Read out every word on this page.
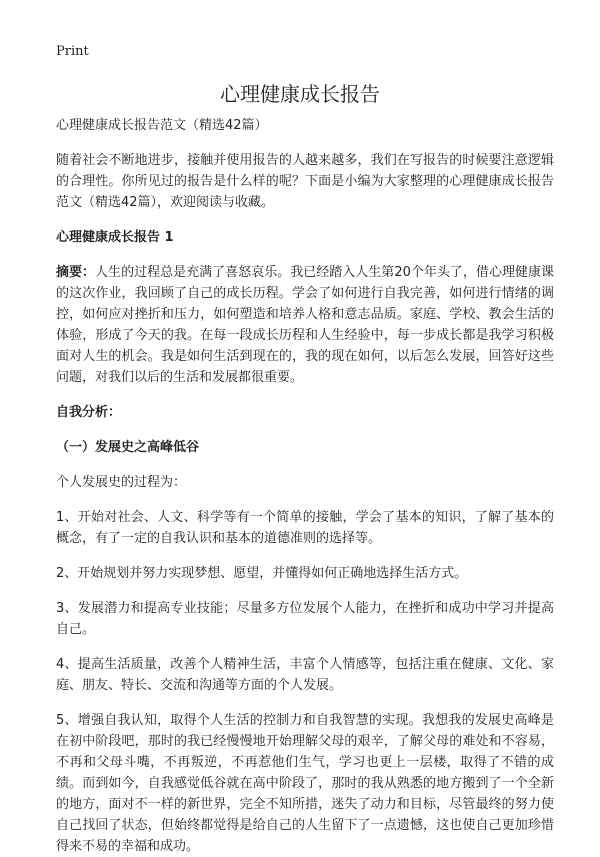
Print
心理健康成长报告

心理健康成长报告范文（精选42篇）

随着社会不断地进步，接触并使用报告的人越来越多，我们在写报告的时候要注意逻辑的合理性。你所见过的报告是什么样的呢？下面是小编为大家整理的心理健康成长报告范文（精选42篇），欢迎阅读与收藏。

心理健康成长报告 1

摘要：人生的过程总是充满了喜怒哀乐。我已经踏入人生第20个年头了，借心理健康课的这次作业，我回顾了自己的成长历程。学会了如何进行自我完善，如何进行情绪的调控，如何应对挫折和压力，如何塑造和培养人格和意志品质。家庭、学校、教会生活的体验，形成了今天的我。在每一段成长历程和人生经验中，每一步成长都是我学习积极面对人生的机会。我是如何生活到现在的，我的现在如何，以后怎么发展，回答好这些问题，对我们以后的生活和发展都很重要。

自我分析：
（一）发展史之高峰低谷

个人发展史的过程为：

1、开始对社会、人文、科学等有一个简单的接触，学会了基本的知识，了解了基本的概念，有了一定的自我认识和基本的道德准则的选择等。

2、开始规划并努力实现梦想、愿望，并懂得如何正确地选择生活方式。

3、发展潜力和提高专业技能；尽量多方位发展个人能力，在挫折和成功中学习并提高自己。

4、提高生活质量，改善个人精神生活，丰富个人情感等，包括注重在健康、文化、家庭、朋友、特长、交流和沟通等方面的个人发展。

5、增强自我认知，取得个人生活的控制力和自我智慧的实现。我想我的发展史高峰是在初中阶段吧，那时的我已经慢慢地开始理解父母的艰辛，了解父母的难处和不容易，不再和父母斗嘴，不再叛逆，不再惹他们生气，学习也更上一层楼，取得了不错的成绩。而到如今，自我感觉低谷就在高中阶段了，那时的我从熟悉的地方搬到了一个全新的地方，面对不一样的新世界，完全不知所措，迷失了动力和目标，尽管最终的努力使自己找回了状态，但始终都觉得是给自己的人生留下了一点遗憾，这也使自己更加珍惜得来不易的幸福和成功。
